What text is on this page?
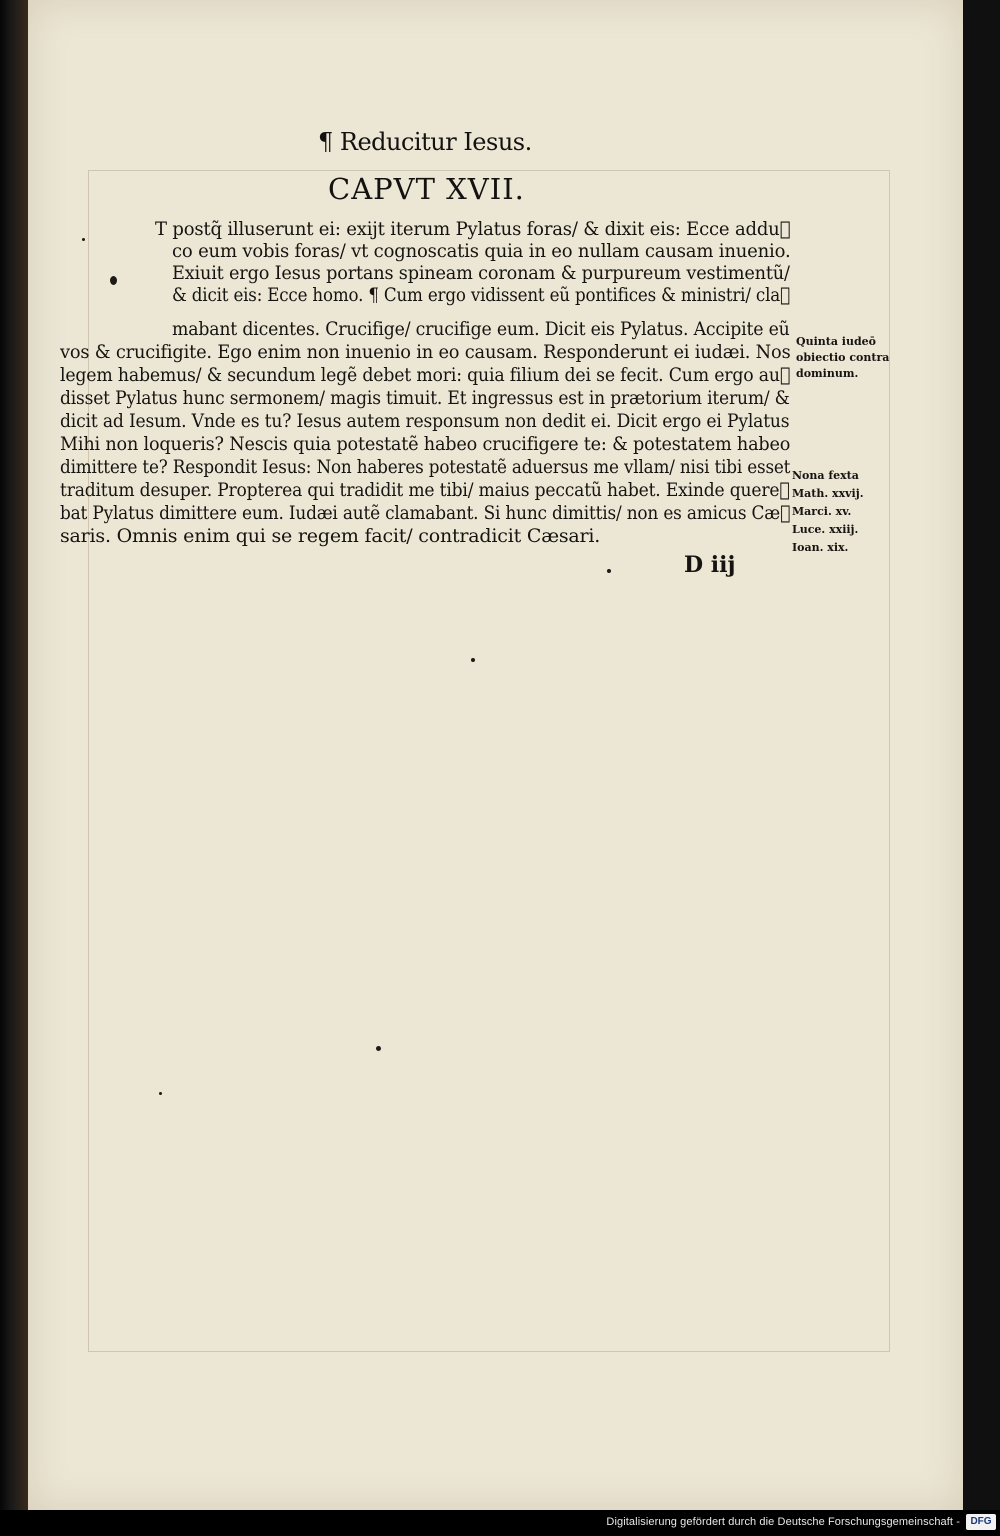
¶ Reducitur Iesus.
CAPVT XVII.
T postq̃ illuserunt ei: exijt iterum Pylatus foras/ & dixit eis: Ecce adduᷓ
co eum vobis foras/ vt cognoscatis quia in eo nullam causam inuenio.
Exiuit ergo Iesus portans spineam coronam & purpureum vestimentũ/
& dicit eis: Ecce homo. ¶ Cum ergo vidissent eũ pontifices & ministri/ claᷓ
mabant dicentes. Crucifige/ crucifige eum. Dicit eis Pylatus. Accipite eũ
vos & crucifigite. Ego enim non inuenio in eo causam. Responderunt ei iudæi. Nos
legem habemus/ & secundum legẽ debet mori: quia filium dei se fecit. Cum ergo auᷓ
disset Pylatus hunc sermonem/ magis timuit. Et ingressus est in prætorium iterum/ &
dicit ad Iesum. Vnde es tu? Iesus autem responsum non dedit ei. Dicit ergo ei Pylatus
Mihi non loqueris? Nescis quia potestatẽ habeo crucifigere te: & potestatem habeo
dimittere te? Respondit Iesus: Non haberes potestatẽ aduersus me vllam/ nisi tibi esset
traditum desuper. Propterea qui tradidit me tibi/ maius peccatũ habet. Exinde quereᷓ
bat Pylatus dimittere eum. Iudæi autẽ clamabant. Si hunc dimittis/ non es amicus Cæᷓ
saris. Omnis enim qui se regem facit/ contradicit Cæsari.
Quinta iudeō
obiectio contra
dominum.
Nona fexta
Math. xxvij.
Marci. xv.
Luce. xxiij.
Ioan. xix.
D iij
Digitalisierung gefördert durch die Deutsche Forschungsgemeinschaft -	DFG
